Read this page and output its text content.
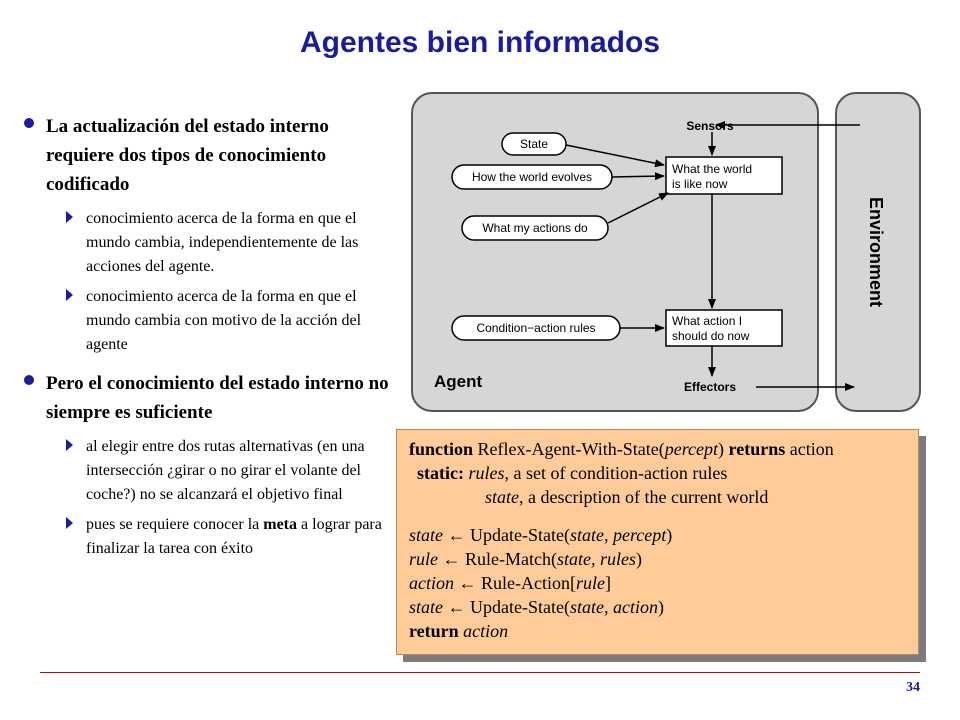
Agentes bien informados
La actualización del estado interno requiere dos tipos de conocimiento codificado
conocimiento acerca de la forma en que el mundo cambia, independientemente de las acciones del agente.
conocimiento acerca de la forma en que el mundo cambia con motivo de la acción del agente
Pero el conocimiento del estado interno no siempre es suficiente
al elegir entre dos rutas alternativas (en una intersección ¿girar o no girar el volante del coche?) no se alcanzará el objetivo final
pues se requiere conocer la meta a lograr para finalizar la tarea con éxito
Sensors
Effectors
Agent
Environment
State
How the world evolves
What my actions do
Condition−action rules
What the world
is like now
What action I
should do now
function Reflex-Agent-With-State(percept) returns action
static: rules, a set of condition-action rules
state, a description of the current world
state ← Update-State(state, percept)
rule ← Rule-Match(state, rules)
action ← Rule-Action[rule]
state ← Update-State(state, action)
return action
34
